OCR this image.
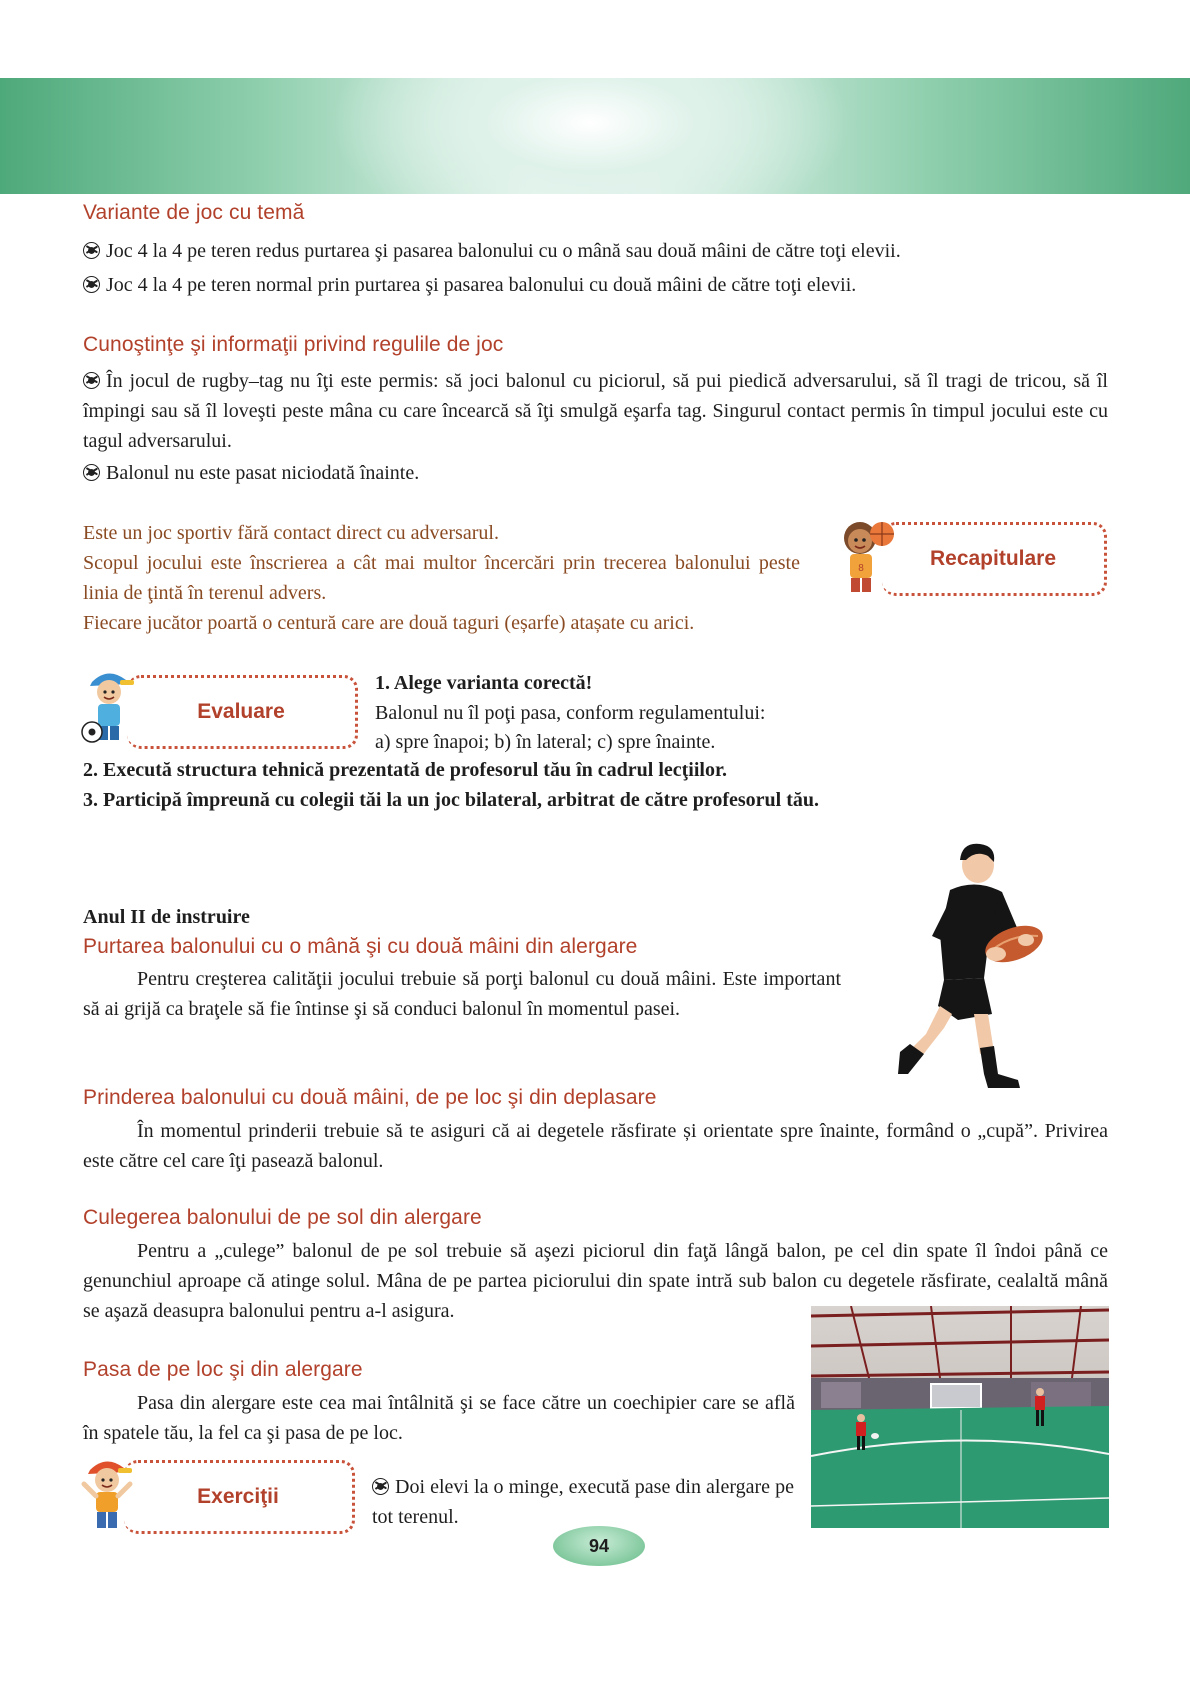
Variante de joc cu temă
Joc 4 la 4 pe teren redus purtarea şi pasarea balonului cu o mână sau două mâini de către toţi elevii.
Joc 4 la 4 pe teren normal prin purtarea şi pasarea balonului cu două mâini de către toţi elevii.
Cunoştinţe şi informaţii privind regulile de joc
În jocul de rugby–tag nu îţi este permis: să joci balonul cu piciorul, să pui piedică adversarului, să îl tragi de tricou, să îl împingi sau să îl loveşti peste mâna cu care încearcă să îţi smulgă eşarfa tag. Singurul contact permis în timpul jocului este cu tagul adversarului.
Balonul nu este pasat niciodată înainte.
Este un joc sportiv fără contact direct cu adversarul.
Scopul jocului este înscrierea a cât mai multor încercări prin trecerea balonului peste linia de ţintă în terenul advers.
Fiecare jucător poartă o centură care are două taguri (eșarfe) atașate cu arici.
Recapitulare
8
Evaluare
1. Alege varianta corectă!
Balonul nu îl poţi pasa, conform regulamentului:
a) spre înapoi; b) în lateral; c) spre înainte.
2. Execută structura tehnică prezentată de profesorul tău în cadrul lecţiilor.
3. Participă împreună cu colegii tăi la un joc bilateral, arbitrat de către profesorul tău.
Anul II de instruire
Purtarea balonului cu o mână şi cu două mâini din alergare
Pentru creşterea calităţii jocului trebuie să porţi balonul cu două mâini. Este important să ai grijă ca braţele să fie întinse şi să conduci balonul în momentul pasei.
Prinderea balonului cu două mâini, de pe loc şi din deplasare
În momentul prinderii trebuie să te asiguri că ai degetele răsfirate și orientate spre înainte, formând o „cupă”. Privirea este către cel care îţi pasează balonul.
Culegerea balonului de pe sol din alergare
Pentru a „culege” balonul de pe sol trebuie să aşezi piciorul din faţă lângă balon, pe cel din spate îl îndoi până ce genunchiul aproape că atinge solul. Mâna de pe partea piciorului din spate intră sub balon cu degetele răsfirate, cealaltă mână se aşază deasupra balonului pentru a-l asigura.
Pasa de pe loc şi din alergare
Pasa din alergare este cea mai întâlnită şi se face către un coechipier care se află în spatele tău, la fel ca şi pasa de pe loc.
Exerciţii	Doi elevi la o minge, execută pase din alergare pe tot terenul.
94
